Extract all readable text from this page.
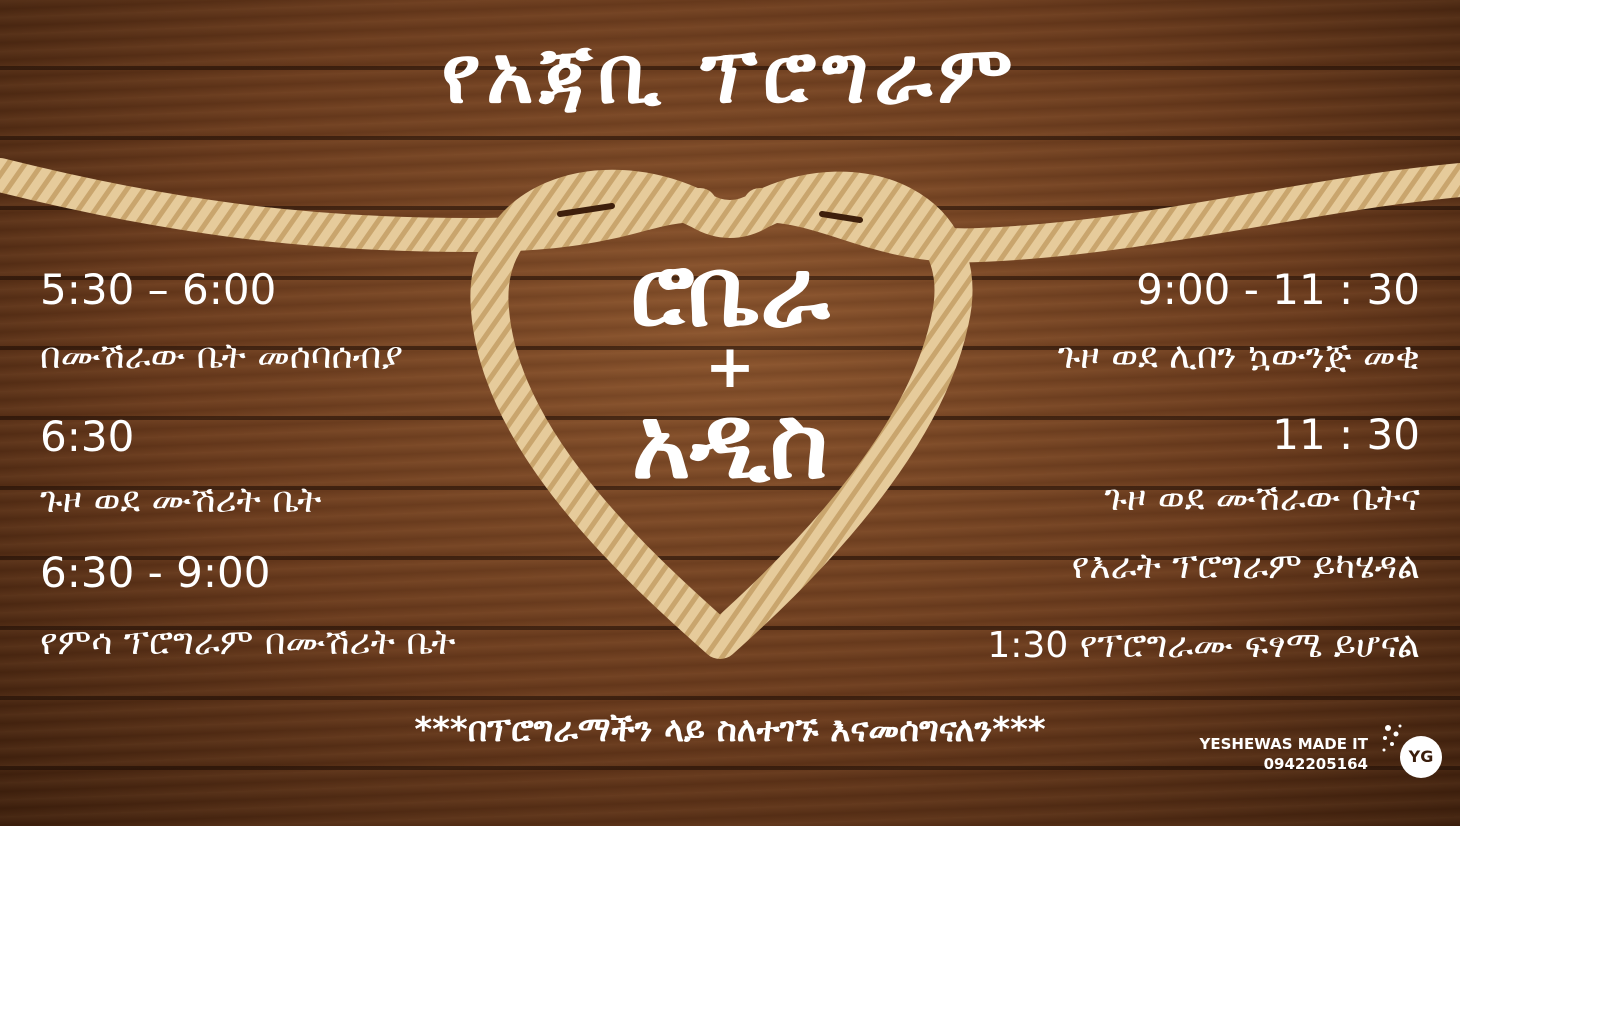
የአጃቢ ፕሮግራም
ሮቤራ
+
አዲስ
5:30 – 6:00
በሙሽራው ቤት መሰባሰብያ
6:30
ጉዞ ወደ ሙሽሪት ቤት
6:30 - 9:00
የምሳ ፕሮግራም በሙሽሪት ቤት
9:00 - 11 : 30
ጉዞ ወደ ሊበን ኳውንጅ መቂ
11 : 30
ጉዞ ወደ ሙሽራው ቤትና
የእራት ፕሮግራም ይካሄዳል
1:30 የፕሮግራሙ ፍፃሜ ይሆናል
***በፕሮግራማችን ላይ ስለተገኙ እናመሰግናለን***	YESHEWAS MADE IT
0942205164	YG
